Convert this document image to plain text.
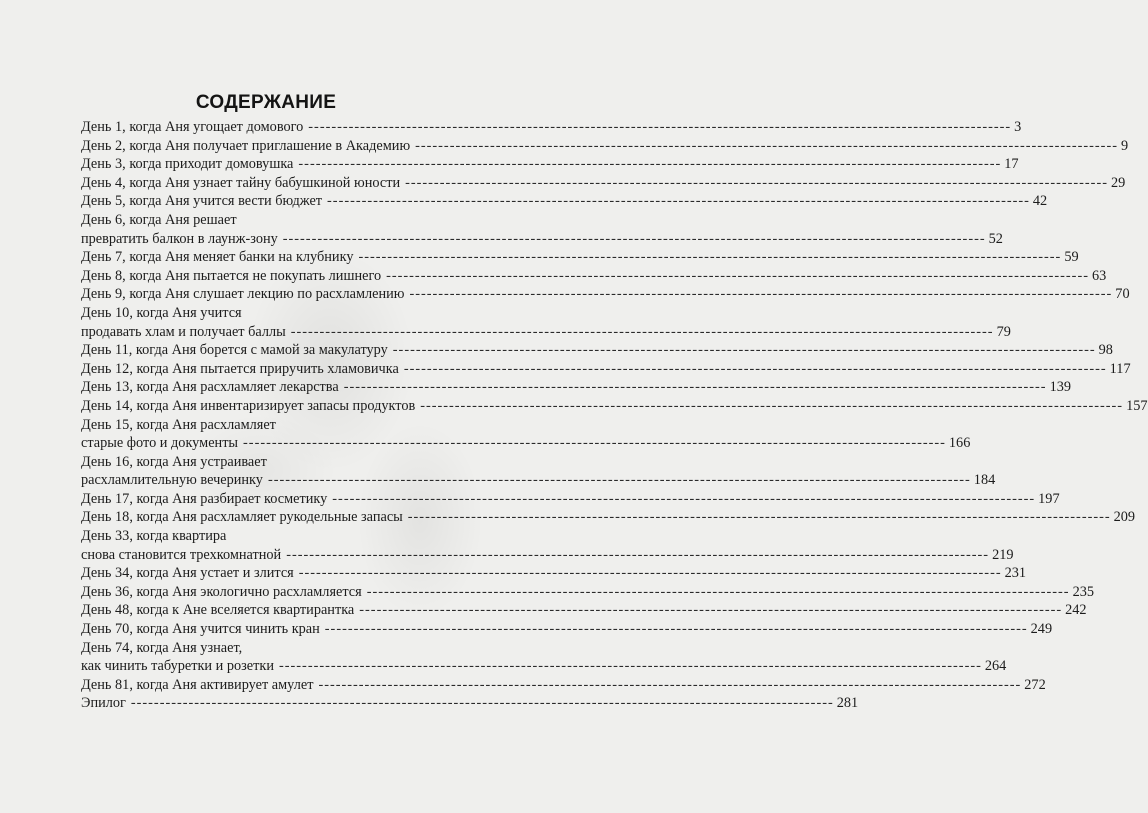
СОДЕРЖАНИЕ
День 1, когда Аня угощает домового -------------------------------------------------------------------------------------------------------------------------- 3
День 2, когда Аня получает приглашение в Академию -------------------------------------------------------------------------------------------------------------------------- 9
День 3, когда приходит домовушка -------------------------------------------------------------------------------------------------------------------------- 17
День 4, когда Аня узнает тайну бабушкиной юности -------------------------------------------------------------------------------------------------------------------------- 29
День 5, когда Аня учится вести бюджет -------------------------------------------------------------------------------------------------------------------------- 42
День 6, когда Аня решает
превратить балкон в лаунж-зону -------------------------------------------------------------------------------------------------------------------------- 52
День 7, когда Аня меняет банки на клубнику -------------------------------------------------------------------------------------------------------------------------- 59
День 8, когда Аня пытается не покупать лишнего -------------------------------------------------------------------------------------------------------------------------- 63
День 9, когда Аня слушает лекцию по расхламлению -------------------------------------------------------------------------------------------------------------------------- 70
День 10, когда Аня учится
продавать хлам и получает баллы -------------------------------------------------------------------------------------------------------------------------- 79
День 11, когда Аня борется с мамой за макулатуру -------------------------------------------------------------------------------------------------------------------------- 98
День 12, когда Аня пытается приручить хламовичка -------------------------------------------------------------------------------------------------------------------------- 117
День 13, когда Аня расхламляет лекарства -------------------------------------------------------------------------------------------------------------------------- 139
День 14, когда Аня инвентаризирует запасы продуктов -------------------------------------------------------------------------------------------------------------------------- 157
День 15, когда Аня расхламляет
старые фото и документы -------------------------------------------------------------------------------------------------------------------------- 166
День 16, когда Аня устраивает
расхламлительную вечеринку -------------------------------------------------------------------------------------------------------------------------- 184
День 17, когда Аня разбирает косметику -------------------------------------------------------------------------------------------------------------------------- 197
День 18, когда Аня расхламляет рукодельные запасы -------------------------------------------------------------------------------------------------------------------------- 209
День 33, когда квартира
снова становится трехкомнатной -------------------------------------------------------------------------------------------------------------------------- 219
День 34, когда Аня устает и злится -------------------------------------------------------------------------------------------------------------------------- 231
День 36, когда Аня экологично расхламляется -------------------------------------------------------------------------------------------------------------------------- 235
День 48, когда к Ане вселяется квартирантка -------------------------------------------------------------------------------------------------------------------------- 242
День 70, когда Аня учится чинить кран -------------------------------------------------------------------------------------------------------------------------- 249
День 74, когда Аня узнает,
как чинить табуретки и розетки -------------------------------------------------------------------------------------------------------------------------- 264
День 81, когда Аня активирует амулет -------------------------------------------------------------------------------------------------------------------------- 272
Эпилог -------------------------------------------------------------------------------------------------------------------------- 281
